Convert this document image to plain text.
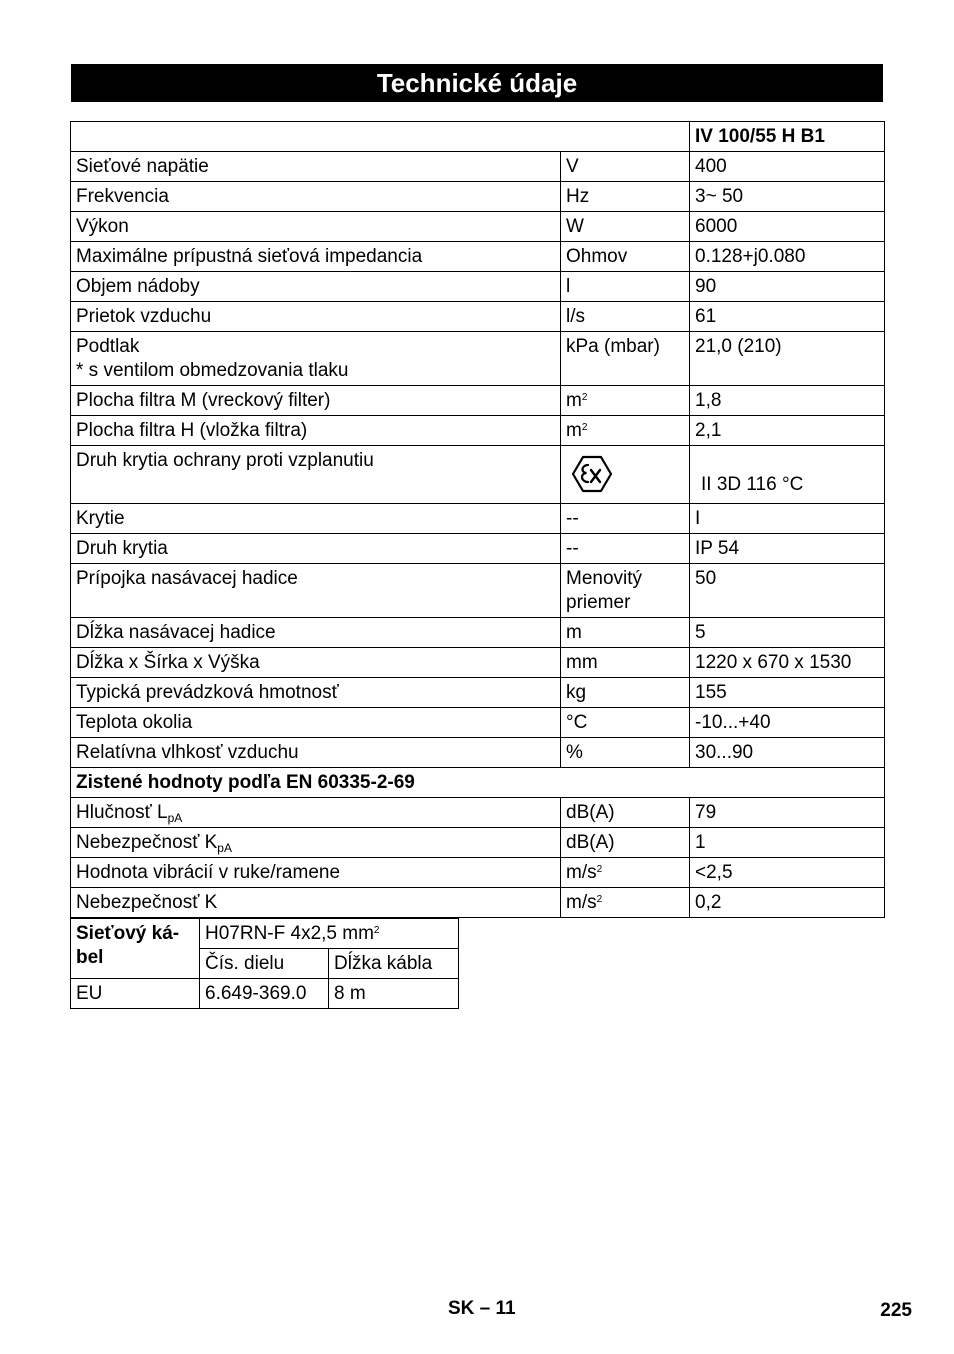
Technické údaje
		IV 100/55 H B1
Sieťové napätie	V	400
Frekvencia	Hz	3~ 50
Výkon	W	6000
Maximálne prípustná sieťová impedancia	Ohmov	0.128+j0.080
Objem nádoby	l	90
Prietok vzduchu	l/s	61
Podtlak
* s ventilom obmedzovania tlaku	kPa (mbar)	21,0 (210)
Plocha filtra M (vreckový filter)	$m^2$	1,8
Plocha filtra H (vložka filtra)	$m^2$	2,1
Druh krytia ochrany proti vzplanutiu		II 3D 116 °C

Krytie	--	I
Druh krytia	--	IP 54
Prípojka nasávacej hadice	Menovitý priemer	50
Dĺžka nasávacej hadice	m	5
Dĺžka x Šírka x Výška	mm	1220 x 670 x 1530
Typická prevádzková hmotnosť	kg	155
Teplota okolia	°C	-10...+40
Relatívna vlhkosť vzduchu	%	30...90
Zistené hodnoty podľa EN 60335-2-69		
Hlučnosť $L_{pA}$	dB(A)	79
Nebezpečnosť $K_{pA}$	dB(A)	1
Hodnota vibrácií v ruke/ramene	$m/s^2$	<2,5
Nebezpečnosť K	$m/s^2$	0,2
Sieťový ká-bel	H07RN-F 4x2,5 $mm^2$
	Čís. dielu	Dĺžka kábla
EU	6.649-369.0	8 m
SK – 11	225
